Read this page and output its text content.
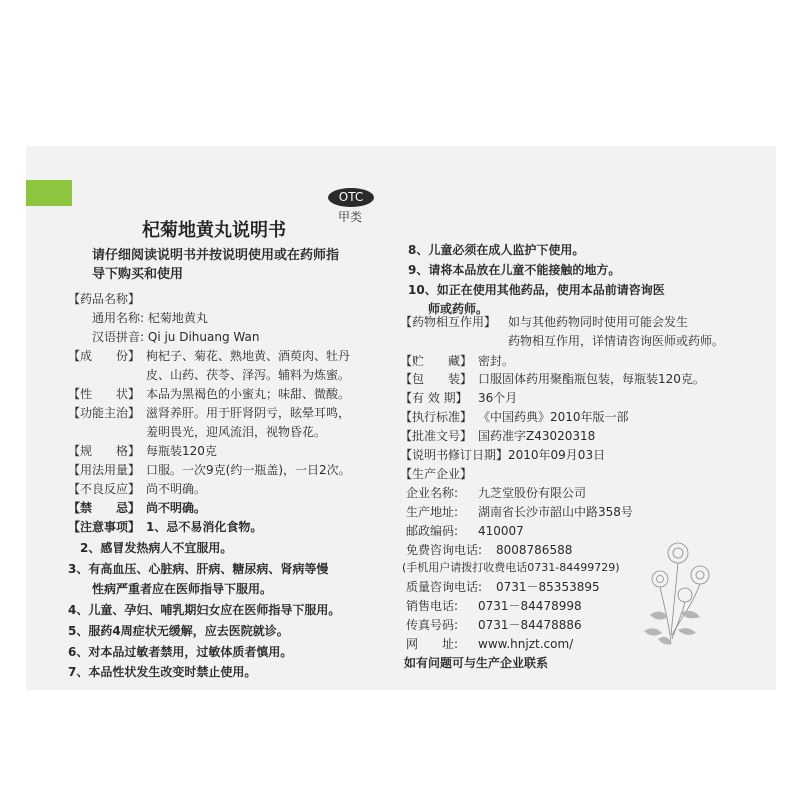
OTC
甲类
杞菊地黄丸说明书
请仔细阅读说明书并按说明使用或在药师指
导下购买和使用
【药品名称】
通用名称: 杞菊地黄丸
汉语拼音: Qi ju Dihuang Wan
【成　　份】 枸杞子、菊花、熟地黄、酒萸肉、牡丹
皮、山药、茯苓、泽泻。辅料为炼蜜。
【性　　状】 本品为黑褐色的小蜜丸；味甜、微酸。
【功能主治】 滋肾养肝。用于肝肾阴亏，眩晕耳鸣，
羞明畏光，迎风流泪，视物昏花。
【规　　格】 每瓶装120克
【用法用量】 口服。一次9克(约一瓶盖)，一日2次。
【不良反应】 尚不明确。
【禁　　忌】 尚不明确。
【注意事项】 1、忌不易消化食物。
2、感冒发热病人不宜服用。
3、有高血压、心脏病、肝病、糖尿病、肾病等慢
性病严重者应在医师指导下服用。
4、儿童、孕妇、哺乳期妇女应在医师指导下服用。
5、服药4周症状无缓解，应去医院就诊。
6、对本品过敏者禁用，过敏体质者慎用。
7、本品性状发生改变时禁止使用。
8、儿童必须在成人监护下使用。
9、请将本品放在儿童不能接触的地方。
10、如正在使用其他药品，使用本品前请咨询医
师或药师。
【药物相互作用】 如与其他药物同时使用可能会发生
药物相互作用，详情请咨询医师或药师。
【贮　　藏】 密封。
【包　　装】 口服固体药用聚酯瓶包装，每瓶装120克。
【有 效 期】 36个月
【执行标准】 《中国药典》2010年版一部
【批准文号】 国药准字Z43020318
【说明书修订日期】2010年09月03日
【生产企业】
企业名称: 九芝堂股份有限公司
生产地址: 湖南省长沙市韶山中路358号
邮政编码: 410007
免费咨询电话: 8008786588
(手机用户请拨打收费电话0731-84499729)
质量咨询电话: 0731－85353895
销售电话: 0731－84478998
传真号码: 0731－84478886
网　　址: www.hnjzt.com/
如有问题可与生产企业联系
